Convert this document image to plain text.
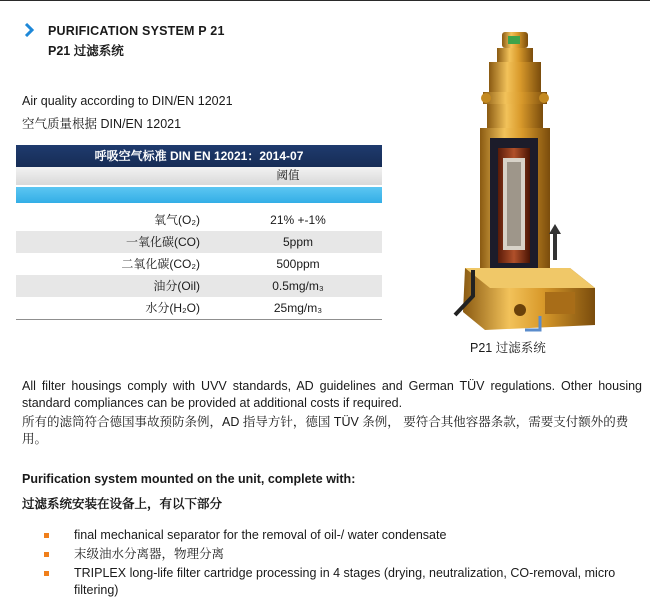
PURIFICATION SYSTEM P 21
P21 过滤系统
Air quality according to DIN/EN 12021
空气质量根据 DIN/EN 12021
呼吸空气标准 DIN EN 12021：2014-07
阈值
氧气(O₂)	21% +-1%
一氧化碳(CO)	5ppm
二氧化碳(CO₂)	500ppm
油分(Oil)	0.5mg/m₃
水分(H₂O)	25mg/m₃
P21 过滤系统
All filter housings comply with UVV standards, AD guidelines and German TÜV regulations. Other housing standard compliances can be provided at additional costs if required.
所有的滤筒符合德国事故预防条例，AD 指导方针，德国 TÜV 条例， 要符合其他容器条款，需要支付额外的费用。
Purification system mounted on the unit, complete with:
过滤系统安装在设备上，有以下部分
final mechanical separator for the removal of oil-/ water condensate
末级油水分离器，物理分离
TRIPLEX long-life filter cartridge processing in 4 stages (drying, neutralization, CO-removal, micro filtering)
